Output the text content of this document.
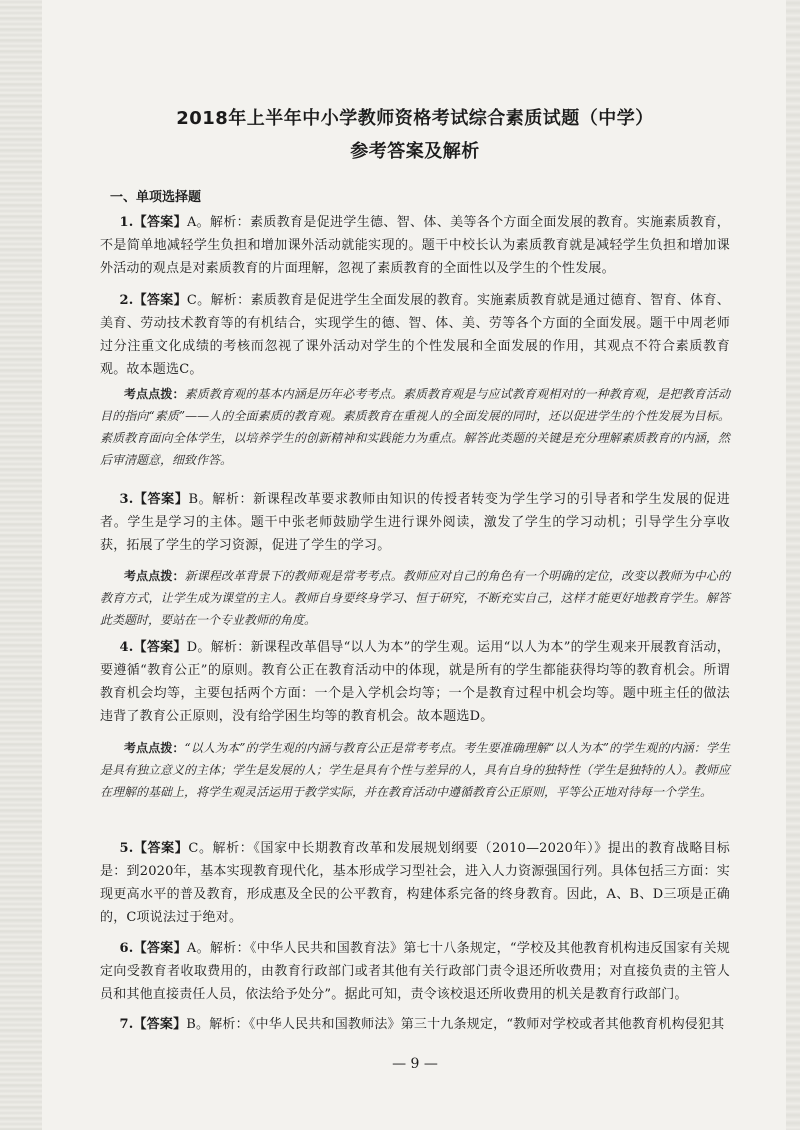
2018年上半年中小学教师资格考试综合素质试题（中学）
参考答案及解析
一、单项选择题
1.【答案】A。解析：素质教育是促进学生德、智、体、美等各个方面全面发展的教育。实施素质教育，不是简单地减轻学生负担和增加课外活动就能实现的。题干中校长认为素质教育就是减轻学生负担和增加课外活动的观点是对素质教育的片面理解，忽视了素质教育的全面性以及学生的个性发展。
2.【答案】C。解析：素质教育是促进学生全面发展的教育。实施素质教育就是通过德育、智育、体育、美育、劳动技术教育等的有机结合，实现学生的德、智、体、美、劳等各个方面的全面发展。题干中周老师过分注重文化成绩的考核而忽视了课外活动对学生的个性发展和全面发展的作用，其观点不符合素质教育观。故本题选C。
考点点拨：素质教育观的基本内涵是历年必考考点。素质教育观是与应试教育观相对的一种教育观，是把教育活动目的指向“素质”——人的全面素质的教育观。素质教育在重视人的全面发展的同时，还以促进学生的个性发展为目标。素质教育面向全体学生，以培养学生的创新精神和实践能力为重点。解答此类题的关键是充分理解素质教育的内涵，然后审清题意，细致作答。
3.【答案】B。解析：新课程改革要求教师由知识的传授者转变为学生学习的引导者和学生发展的促进者。学生是学习的主体。题干中张老师鼓励学生进行课外阅读，激发了学生的学习动机；引导学生分享收获，拓展了学生的学习资源，促进了学生的学习。
考点点拨：新课程改革背景下的教师观是常考考点。教师应对自己的角色有一个明确的定位，改变以教师为中心的教育方式，让学生成为课堂的主人。教师自身要终身学习、恒于研究，不断充实自己，这样才能更好地教育学生。解答此类题时，要站在一个专业教师的角度。
4.【答案】D。解析：新课程改革倡导“以人为本”的学生观。运用“以人为本”的学生观来开展教育活动，要遵循“教育公正”的原则。教育公正在教育活动中的体现，就是所有的学生都能获得均等的教育机会。所谓教育机会均等，主要包括两个方面：一个是入学机会均等；一个是教育过程中机会均等。题中班主任的做法违背了教育公正原则，没有给学困生均等的教育机会。故本题选D。
考点点拨：“以人为本”的学生观的内涵与教育公正是常考考点。考生要准确理解“以人为本”的学生观的内涵：学生是具有独立意义的主体；学生是发展的人；学生是具有个性与差异的人，具有自身的独特性（学生是独特的人）。教师应在理解的基础上，将学生观灵活运用于教学实际，并在教育活动中遵循教育公正原则，平等公正地对待每一个学生。
5.【答案】C。解析：《国家中长期教育改革和发展规划纲要（2010—2020年）》提出的教育战略目标是：到2020年，基本实现教育现代化，基本形成学习型社会，进入人力资源强国行列。具体包括三方面：实现更高水平的普及教育，形成惠及全民的公平教育，构建体系完备的终身教育。因此，A、B、D三项是正确的，C项说法过于绝对。
6.【答案】A。解析：《中华人民共和国教育法》第七十八条规定，“学校及其他教育机构违反国家有关规定向受教育者收取费用的，由教育行政部门或者其他有关行政部门责令退还所收费用；对直接负责的主管人员和其他直接责任人员，依法给予处分”。据此可知，责令该校退还所收费用的机关是教育行政部门。
7.【答案】B。解析：《中华人民共和国教师法》第三十九条规定，“教师对学校或者其他教育机构侵犯其
— 9 —
